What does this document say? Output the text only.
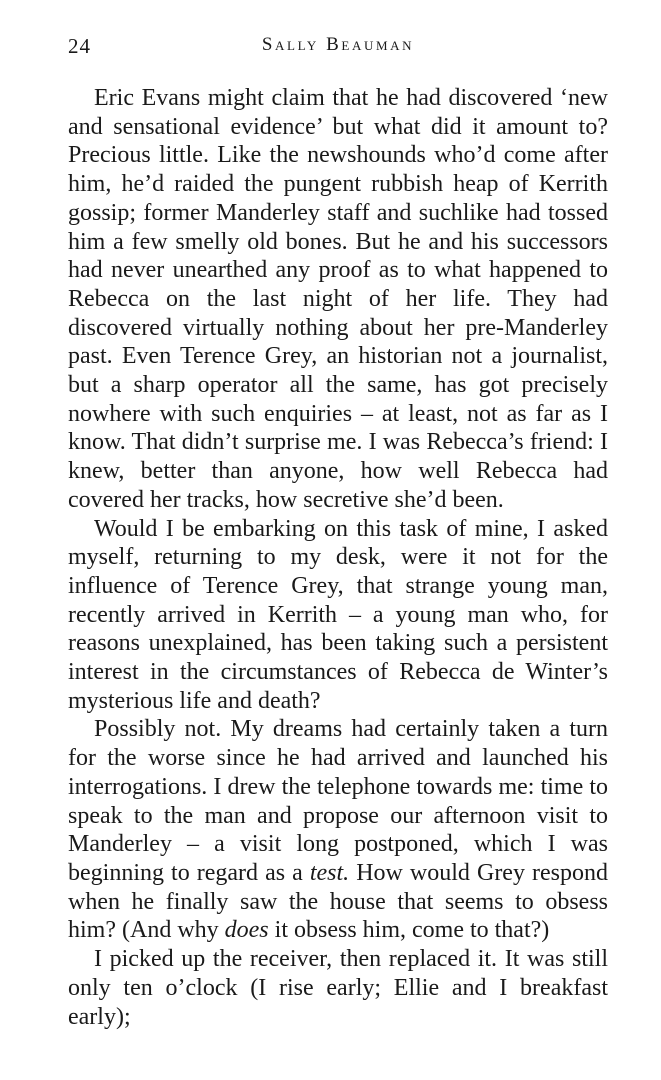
24	Sally Beauman

Eric Evans might claim that he had discovered ‘new and sensational evidence’ but what did it amount to? Precious little. Like the newshounds who’d come after him, he’d raided the pungent rubbish heap of Kerrith gossip; former Manderley staff and suchlike had tossed him a few smelly old bones. But he and his successors had never unearthed any proof as to what happened to Rebecca on the last night of her life. They had discovered virtually nothing about her pre-Manderley past. Even Terence Grey, an historian not a journalist, but a sharp operator all the same, has got precisely nowhere with such enquiries – at least, not as far as I know. That didn’t surprise me. I was Rebecca’s friend: I knew, better than anyone, how well Rebecca had covered her tracks, how secretive she’d been.

Would I be embarking on this task of mine, I asked myself, returning to my desk, were it not for the influence of Terence Grey, that strange young man, recently arrived in Kerrith – a young man who, for reasons unexplained, has been taking such a persistent interest in the circumstances of Rebecca de Winter’s mysterious life and death?

Possibly not. My dreams had certainly taken a turn for the worse since he had arrived and launched his interrogations. I drew the telephone towards me: time to speak to the man and propose our afternoon visit to Manderley – a visit long postponed, which I was beginning to regard as a test. How would Grey respond when he finally saw the house that seems to obsess him? (And why does it obsess him, come to that?)

I picked up the receiver, then replaced it. It was still only ten o’clock (I rise early; Ellie and I breakfast early);
